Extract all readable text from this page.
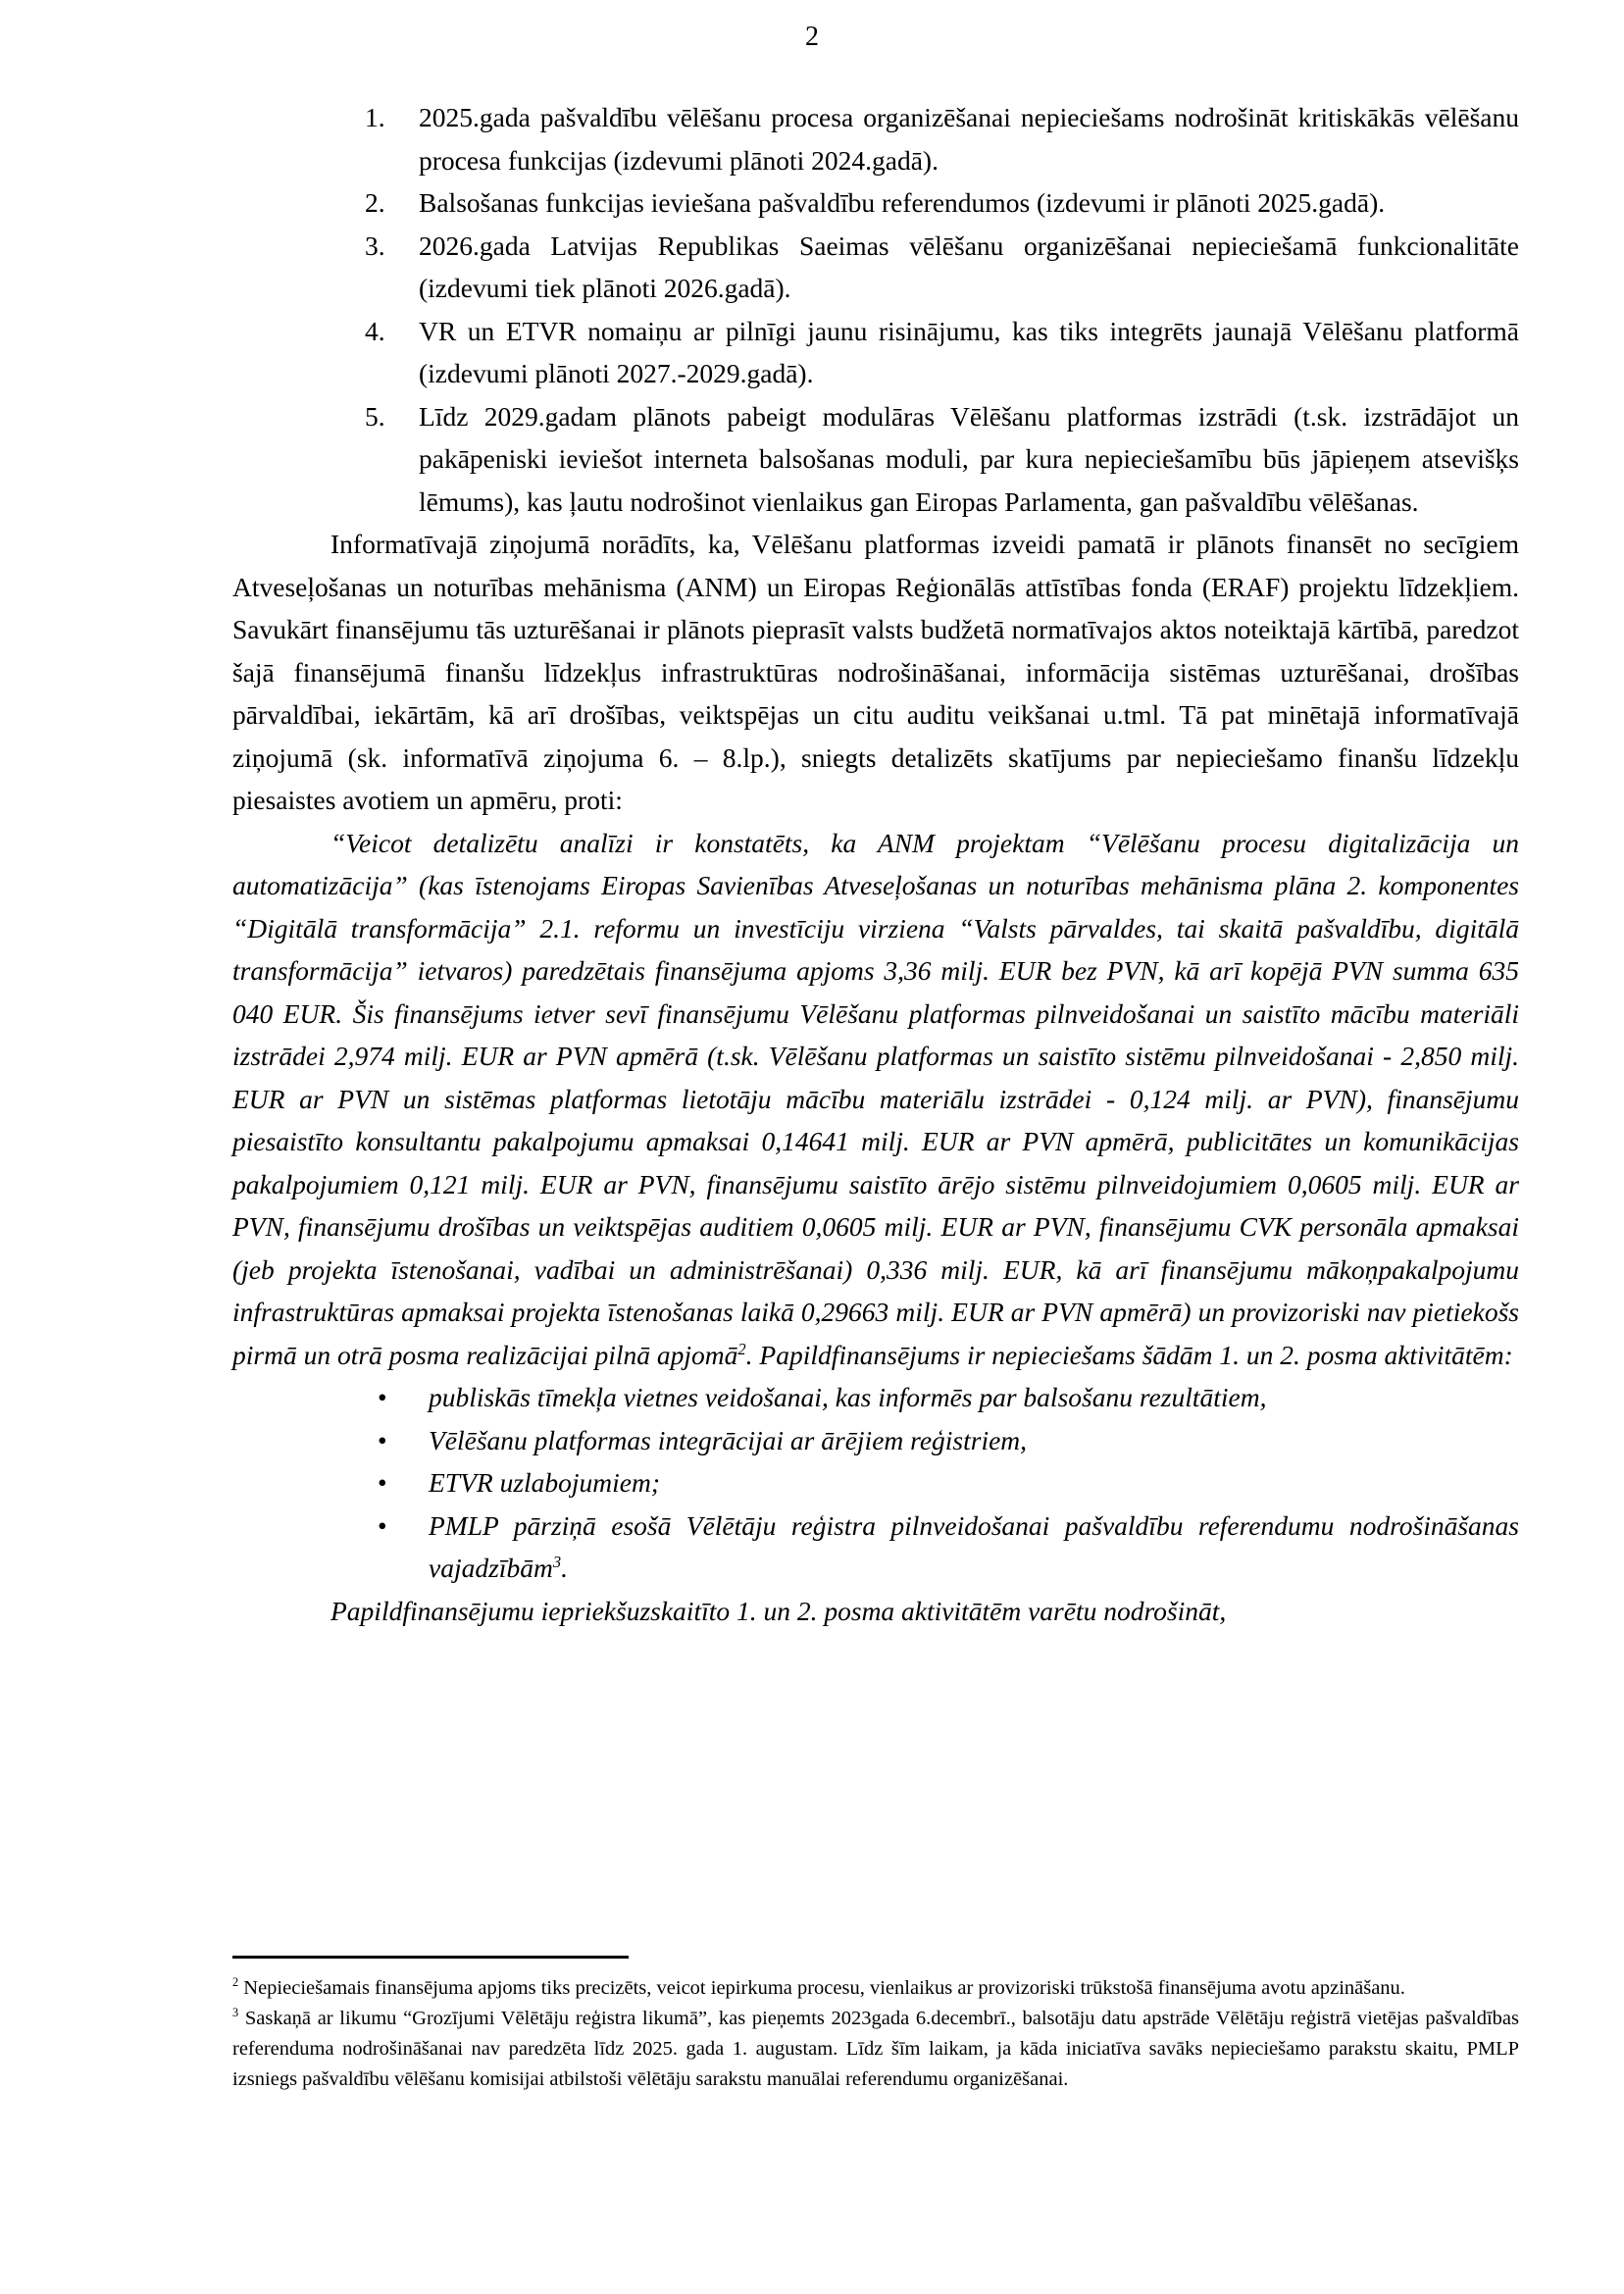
2
1. 2025.gada pašvaldību vēlēšanu procesa organizēšanai nepieciešams nodrošināt kritiskākās vēlēšanu procesa funkcijas (izdevumi plānoti 2024.gadā).
2. Balsošanas funkcijas ieviešana pašvaldību referendumos (izdevumi ir plānoti 2025.gadā).
3. 2026.gada Latvijas Republikas Saeimas vēlēšanu organizēšanai nepieciešamā funkcionalitāte (izdevumi tiek plānoti 2026.gadā).
4. VR un ETVR nomaiņu ar pilnīgi jaunu risinājumu, kas tiks integrēts jaunajā Vēlēšanu platformā (izdevumi plānoti 2027.-2029.gadā).
5. Līdz 2029.gadam plānots pabeigt modulāras Vēlēšanu platformas izstrādi (t.sk. izstrādājot un pakāpeniski ieviešot interneta balsošanas moduli, par kura nepieciešamību būs jāpieņem atsevišķs lēmums), kas ļautu nodrošinot vienlaikus gan Eiropas Parlamenta, gan pašvaldību vēlēšanas.

Informatīvajā ziņojumā norādīts, ka, Vēlēšanu platformas izveidi pamatā ir plānots finansēt no secīgiem Atveseļošanas un noturības mehānisma (ANM) un Eiropas Reģionālās attīstības fonda (ERAF) projektu līdzekļiem. Savukārt finansējumu tās uzturēšanai ir plānots pieprasīt valsts budžetā normatīvajos aktos noteiktajā kārtībā, paredzot šajā finansējumā finanšu līdzekļus infrastruktūras nodrošināšanai, informācija sistēmas uzturēšanai, drošības pārvaldībai, iekārtām, kā arī drošības, veiktspējas un citu auditu veikšanai u.tml. Tā pat minētajā informatīvajā ziņojumā (sk. informatīvā ziņojuma 6. – 8.lp.), sniegts detalizēts skatījums par nepieciešamo finanšu līdzekļu piesaistes avotiem un apmēru, proti:

“Veicot detalizētu analīzi ir konstatēts, ka ANM projektam “Vēlēšanu procesu digitalizācija un automatizācija” (kas īstenojams Eiropas Savienības Atveseļošanas un noturības mehānisma plāna 2. komponentes “Digitālā transformācija” 2.1. reformu un investīciju virziena “Valsts pārvaldes, tai skaitā pašvaldību, digitālā transformācija” ietvaros) paredzētais finansējuma apjoms 3,36 milj. EUR bez PVN, kā arī kopējā PVN summa 635 040 EUR. Šis finansējums ietver sevī finansējumu Vēlēšanu platformas pilnveidošanai un saistīto mācību materiāli izstrādei 2,974 milj. EUR ar PVN apmērā (t.sk. Vēlēšanu platformas un saistīto sistēmu pilnveidošanai - 2,850 milj. EUR ar PVN un sistēmas platformas lietotāju mācību materiālu izstrādei - 0,124 milj. ar PVN), finansējumu piesaistīto konsultantu pakalpojumu apmaksai 0,14641 milj. EUR ar PVN apmērā, publicitātes un komunikācijas pakalpojumiem 0,121 milj. EUR ar PVN, finansējumu saistīto ārējo sistēmu pilnveidojumiem 0,0605 milj. EUR ar PVN, finansējumu drošības un veiktspējas auditiem 0,0605 milj. EUR ar PVN, finansējumu CVK personāla apmaksai (jeb projekta īstenošanai, vadībai un administrēšanai) 0,336 milj. EUR, kā arī finansējumu mākoņpakalpojumu infrastruktūras apmaksai projekta īstenošanas laikā 0,29663 milj. EUR ar PVN apmērā) un provizoriski nav pietiekošs pirmā un otrā posma realizācijai pilnā apjomā$^2$. Papildfinansējums ir nepieciešams šādām 1. un 2. posma aktivitātēm:

• publiskās tīmekļa vietnes veidošanai, kas informēs par balsošanu rezultātiem,
• Vēlēšanu platformas integrācijai ar ārējiem reģistriem,
• ETVR uzlabojumiem;
• PMLP pārziņā esošā Vēlētāju reģistra pilnveidošanai pašvaldību referendumu nodrošināšanas vajadzībām$^3$.

Papildfinansējumu iepriekšuzskaitīto 1. un 2. posma aktivitātēm varētu nodrošināt,

$^2$ Nepieciešamais finansējuma apjoms tiks precizēts, veicot iepirkuma procesu, vienlaikus ar provizoriski trūkstošā finansējuma avotu apzināšanu.

$^3$ Saskaņā ar likumu “Grozījumi Vēlētāju reģistra likumā”, kas pieņemts 2023gada 6.decembrī., balsotāju datu apstrāde Vēlētāju reģistrā vietējas pašvaldības referenduma nodrošināšanai nav paredzēta līdz 2025. gada 1. augustam. Līdz šīm laikam, ja kāda iniciatīva savāks nepieciešamo parakstu skaitu, PMLP izsniegs pašvaldību vēlēšanu komisijai atbilstoši vēlētāju sarakstu manuālai referendumu organizēšanai.
